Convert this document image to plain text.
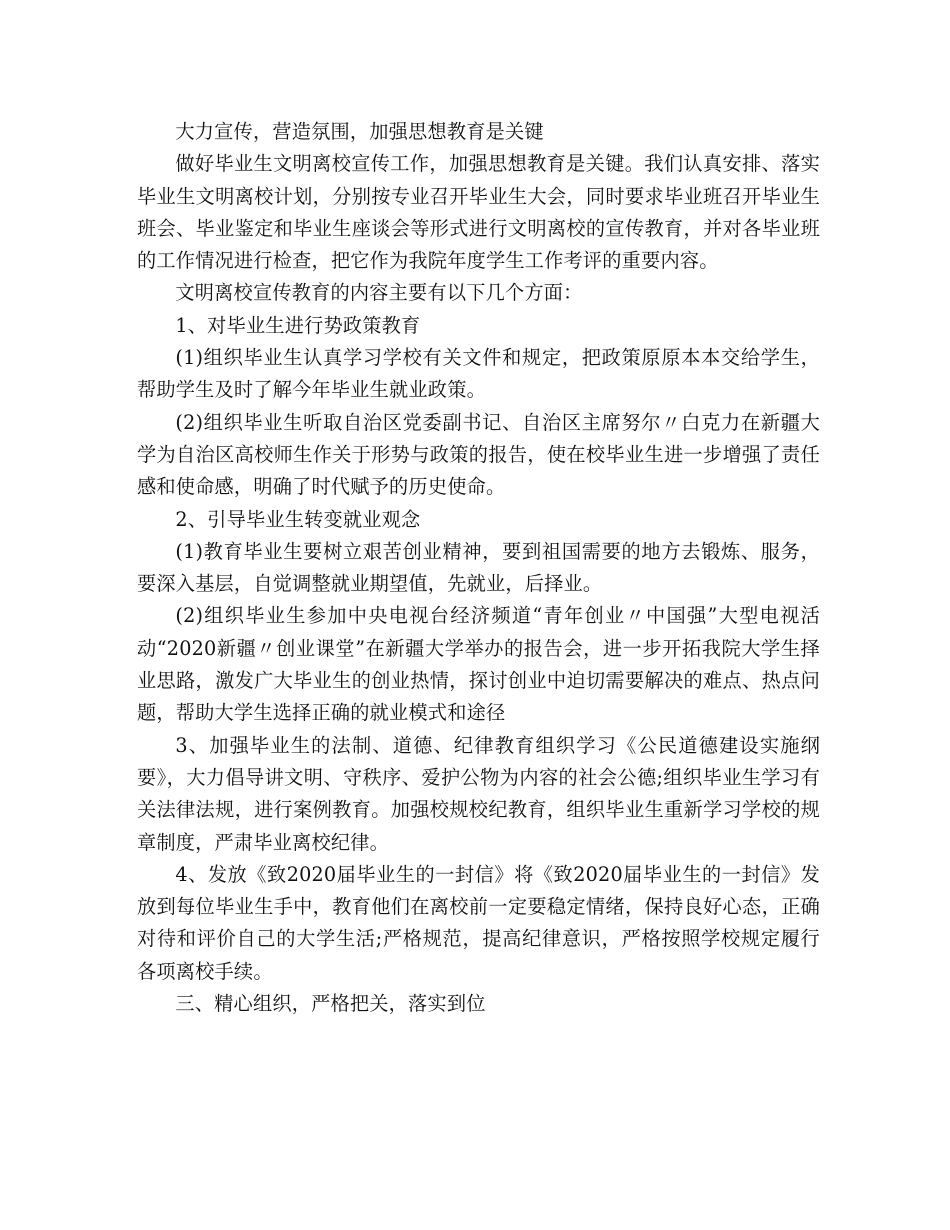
大力宣传，营造氛围，加强思想教育是关键

做好毕业生文明离校宣传工作，加强思想教育是关键。我们认真安排、落实毕业生文明离校计划，分别按专业召开毕业生大会，同时要求毕业班召开毕业生班会、毕业鉴定和毕业生座谈会等形式进行文明离校的宣传教育，并对各毕业班的工作情况进行检查，把它作为我院年度学生工作考评的重要内容。

文明离校宣传教育的内容主要有以下几个方面：

1、对毕业生进行势政策教育

(1)组织毕业生认真学习学校有关文件和规定，把政策原原本本交给学生，帮助学生及时了解今年毕业生就业政策。

(2)组织毕业生听取自治区党委副书记、自治区主席努尔〃白克力在新疆大学为自治区高校师生作关于形势与政策的报告，使在校毕业生进一步增强了责任感和使命感，明确了时代赋予的历史使命。

2、引导毕业生转变就业观念

(1)教育毕业生要树立艰苦创业精神，要到祖国需要的地方去锻炼、服务，要深入基层，自觉调整就业期望值，先就业，后择业。

(2)组织毕业生参加中央电视台经济频道“青年创业〃中国强”大型电视活动“2020新疆〃创业课堂”在新疆大学举办的报告会，进一步开拓我院大学生择业思路，激发广大毕业生的创业热情，探讨创业中迫切需要解决的难点、热点问题，帮助大学生选择正确的就业模式和途径

3、加强毕业生的法制、道德、纪律教育组织学习《公民道德建设实施纲要》，大力倡导讲文明、守秩序、爱护公物为内容的社会公德;组织毕业生学习有关法律法规，进行案例教育。加强校规校纪教育，组织毕业生重新学习学校的规章制度，严肃毕业离校纪律。

4、发放《致2020届毕业生的一封信》将《致2020届毕业生的一封信》发放到每位毕业生手中，教育他们在离校前一定要稳定情绪，保持良好心态，正确对待和评价自己的大学生活;严格规范，提高纪律意识，严格按照学校规定履行各项离校手续。

三、精心组织，严格把关，落实到位
